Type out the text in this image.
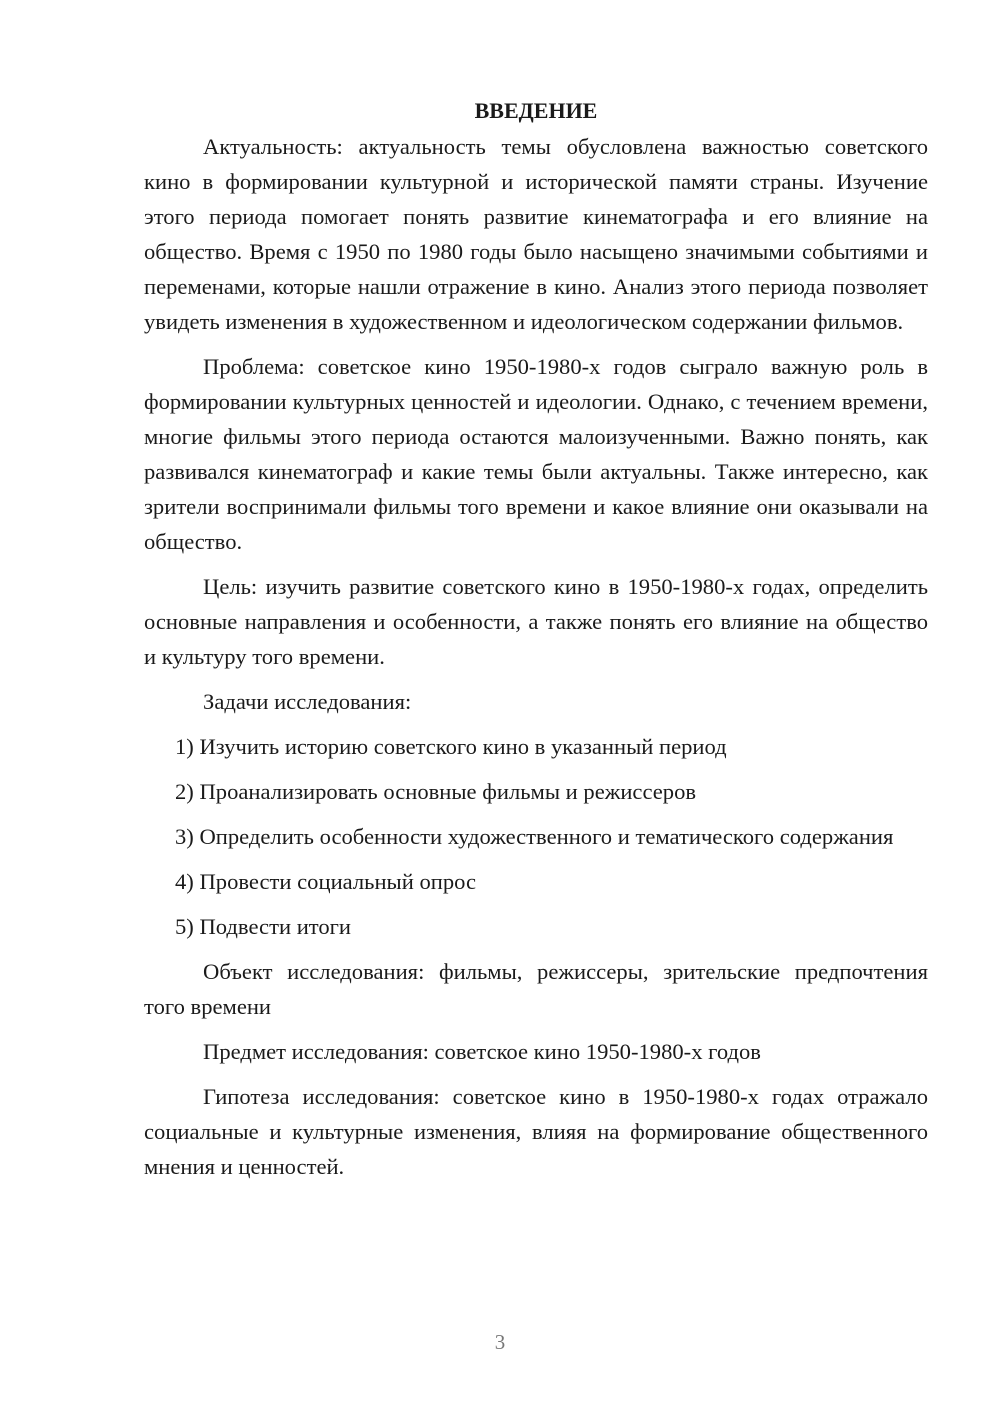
ВВЕДЕНИЕ

Актуальность: актуальность темы обусловлена важностью советского кино в формировании культурной и исторической памяти страны. Изучение этого периода помогает понять развитие кинематографа и его влияние на общество. Время с 1950 по 1980 годы было насыщено значимыми событиями и переменами, которые нашли отражение в кино. Анализ этого периода позволяет увидеть изменения в художественном и идеологическом содержании фильмов.

Проблема: советское кино 1950-1980-х годов сыграло важную роль в формировании культурных ценностей и идеологии. Однако, с течением времени, многие фильмы этого периода остаются малоизученными. Важно понять, как развивался кинематограф и какие темы были актуальны. Также интересно, как зрители воспринимали фильмы того времени и какое влияние они оказывали на общество.

Цель: изучить развитие советского кино в 1950-1980-х годах, определить основные направления и особенности, а также понять его влияние на общество и культуру того времени.

Задачи исследования:

1) Изучить историю советского кино в указанный период

2) Проанализировать основные фильмы и режиссеров

3) Определить особенности художественного и тематического содержания

4) Провести социальный опрос

5) Подвести итоги

Объект исследования: фильмы, режиссеры, зрительские предпочтения того времени

Предмет исследования: советское кино 1950-1980-х годов

Гипотеза исследования: советское кино в 1950-1980-х годах отражало социальные и культурные изменения, влияя на формирование общественного мнения и ценностей.

3
